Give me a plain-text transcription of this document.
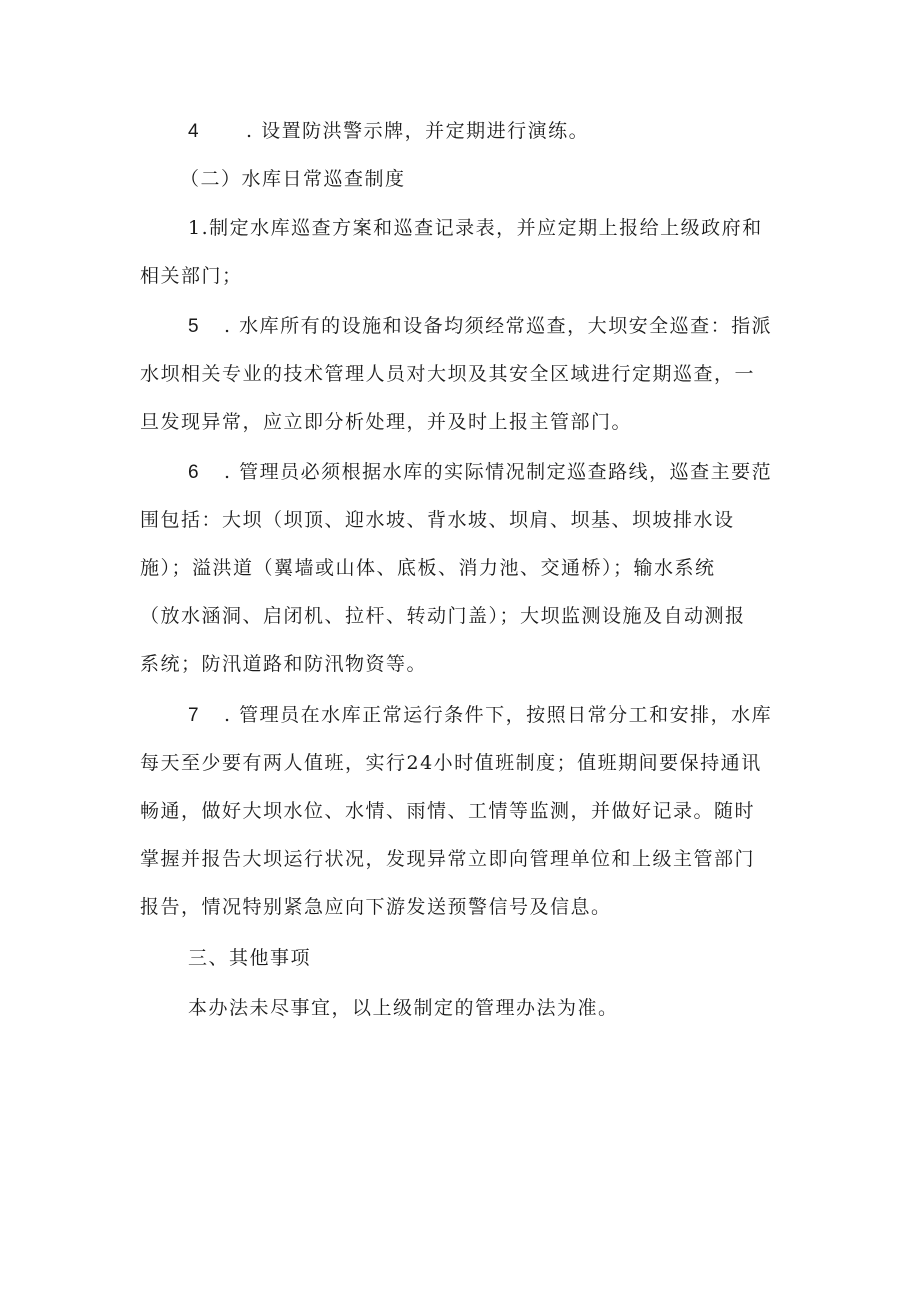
4 . 设置防洪警示牌，并定期进行演练。
（二）水库日常巡查制度
1.制定水库巡查方案和巡查记录表，并应定期上报给上级政府和
相关部门；
5 . 水库所有的设施和设备均须经常巡查，大坝安全巡查：指派
水坝相关专业的技术管理人员对大坝及其安全区域进行定期巡查，一
旦发现异常，应立即分析处理，并及时上报主管部门。
6 . 管理员必须根据水库的实际情况制定巡查路线，巡查主要范
围包括：大坝（坝顶、迎水坡、背水坡、坝肩、坝基、坝坡排水设
施）；溢洪道（翼墙或山体、底板、消力池、交通桥）；输水系统
（放水涵洞、启闭机、拉杆、转动门盖）；大坝监测设施及自动测报
系统；防汛道路和防汛物资等。
7 . 管理员在水库正常运行条件下，按照日常分工和安排，水库
每天至少要有两人值班，实行24小时值班制度；值班期间要保持通讯
畅通，做好大坝水位、水情、雨情、工情等监测，并做好记录。随时
掌握并报告大坝运行状况，发现异常立即向管理单位和上级主管部门
报告，情况特别紧急应向下游发送预警信号及信息。
三、其他事项
本办法未尽事宜，以上级制定的管理办法为准。
